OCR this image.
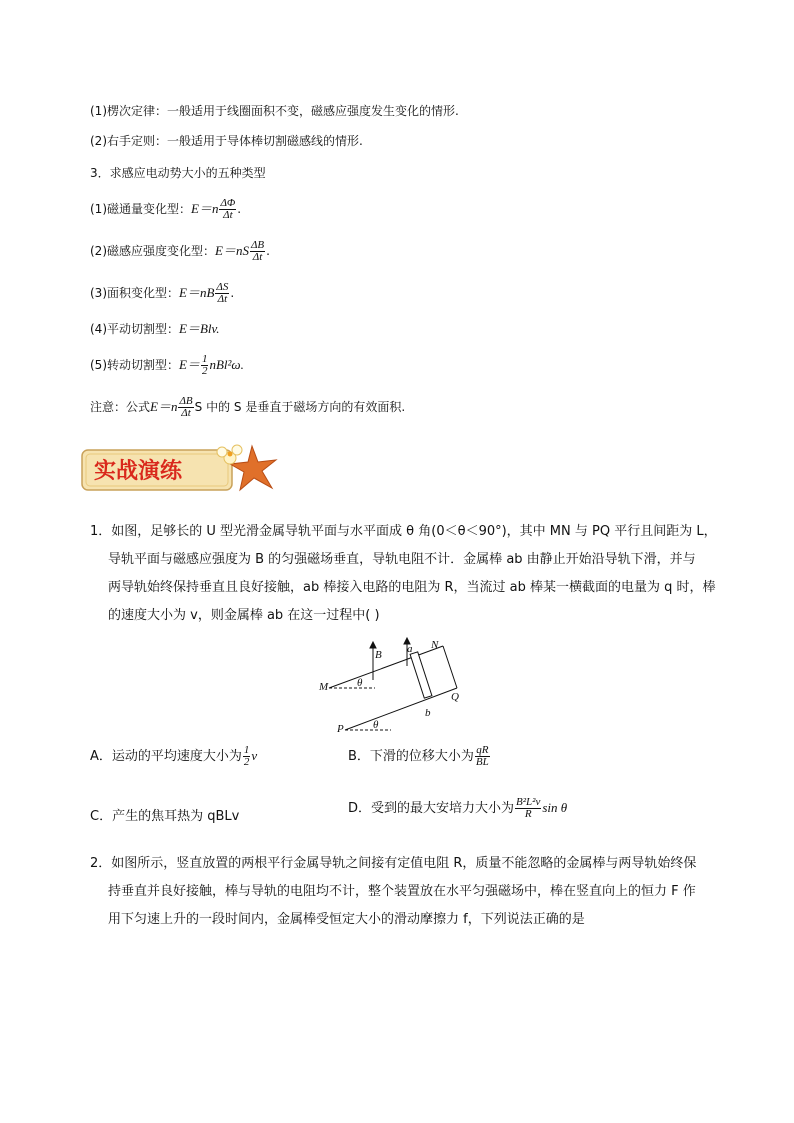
(1)楞次定律：一般适用于线圈面积不变，磁感应强度发生变化的情形.
(2)右手定则：一般适用于导体棒切割磁感线的情形.
3．求感应电动势大小的五种类型
(1)磁通量变化型：$E=n \frac{\Delta\Phi}{\Delta t}$ .
(2)磁感应强度变化型：$E=nS \frac{\Delta B}{\Delta t}$ .
(3)面积变化型：$E=nB \frac{\Delta S}{\Delta t}$ .
(4)平动切割型：E＝Blv.
(5)转动切割型：$E= \frac{1}{2} nBl^2\omega$.
注意：公式$E=n \frac{\Delta B}{\Delta t}$ S 中的 S 是垂直于磁场方向的有效面积.
实战演练
1．如图，足够长的 U 型光滑金属导轨平面与水平面成 θ 角(0＜θ＜90°)，其中 MN 与 PQ 平行且间距为 L，
导轨平面与磁感应强度为 B 的匀强磁场垂直，导轨电阻不计．金属棒 ab 由静止开始沿导轨下滑，并与
两导轨始终保持垂直且良好接触，ab 棒接入电路的电阻为 R，当流过 ab 棒某一横截面的电量为 q 时，棒
的速度大小为 v，则金属棒 ab 在这一过程中( )
B a N
M	θ
Q
P	θ
b
A．运动的平均速度大小为 $\frac{1}{2}$ v	B．下滑的位移大小为 $\frac{qR}{BL}$
C．产生的焦耳热为 qBLv
D．受到的最大安培力大小为 $\frac{\text{B²L²v}}{R}$ sin θ
2．如图所示，竖直放置的两根平行金属导轨之间接有定值电阻 R，质量不能忽略的金属棒与两导轨始终保
持垂直并良好接触，棒与导轨的电阻均不计，整个装置放在水平匀强磁场中，棒在竖直向上的恒力 F 作
用下匀速上升的一段时间内，金属棒受恒定大小的滑动摩擦力 f，下列说法正确的是
